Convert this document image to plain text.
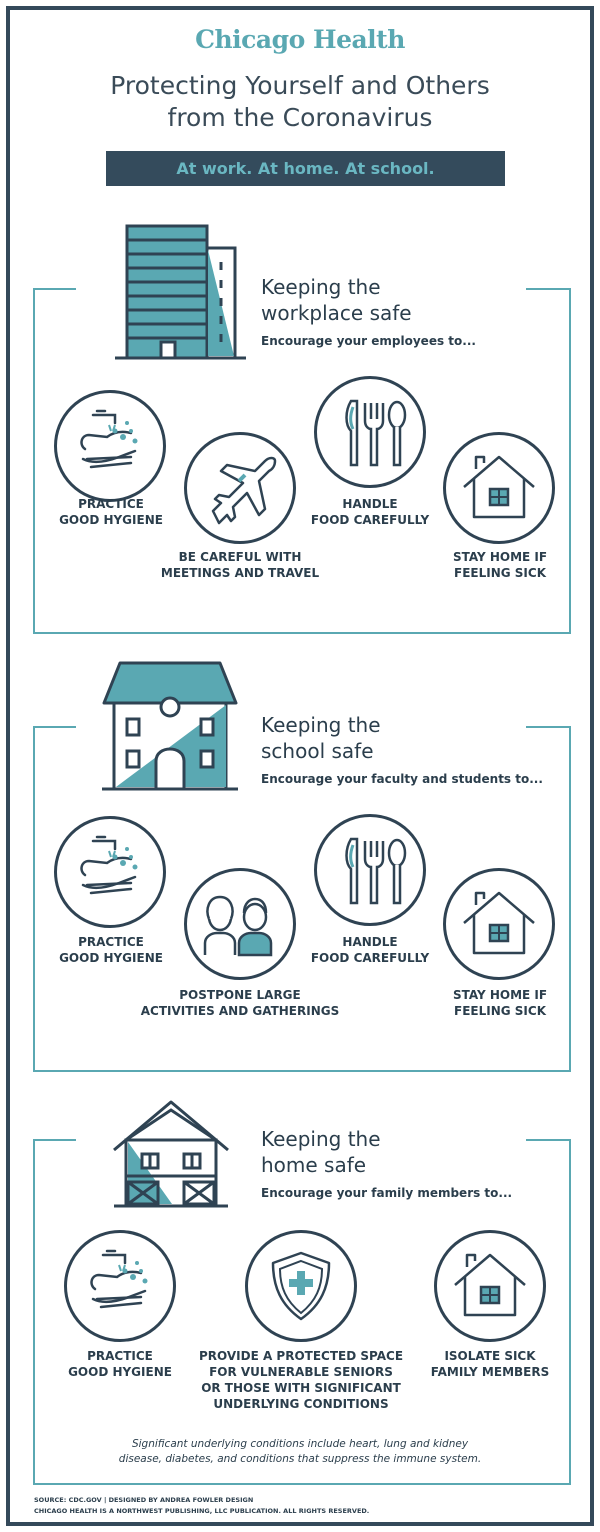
Chicago Health
Protecting Yourself and Others
from the Coronavirus
At work. At home. At school.
Keeping the
workplace safe
Encourage your employees to...
PRACTICE
GOOD HYGIENE
BE CAREFUL WITH
MEETINGS AND TRAVEL
HANDLE
FOOD CAREFULLY
STAY HOME IF
FEELING SICK
Keeping the
school safe
Encourage your faculty and students to...
PRACTICE
GOOD HYGIENE
POSTPONE LARGE
ACTIVITIES AND GATHERINGS
HANDLE
FOOD CAREFULLY
STAY HOME IF
FEELING SICK
Keeping the
home safe
Encourage your family members to...
PRACTICE
GOOD HYGIENE
PROVIDE A PROTECTED SPACE
FOR VULNERABLE SENIORS
OR THOSE WITH SIGNIFICANT
UNDERLYING CONDITIONS
ISOLATE SICK
FAMILY MEMBERS
Significant underlying conditions include heart, lung and kidney
disease, diabetes, and conditions that suppress the immune system.
SOURCE: CDC.GOV | DESIGNED BY ANDREA FOWLER DESIGN
CHICAGO HEALTH IS A NORTHWEST PUBLISHING, LLC PUBLICATION. ALL RIGHTS RESERVED.
